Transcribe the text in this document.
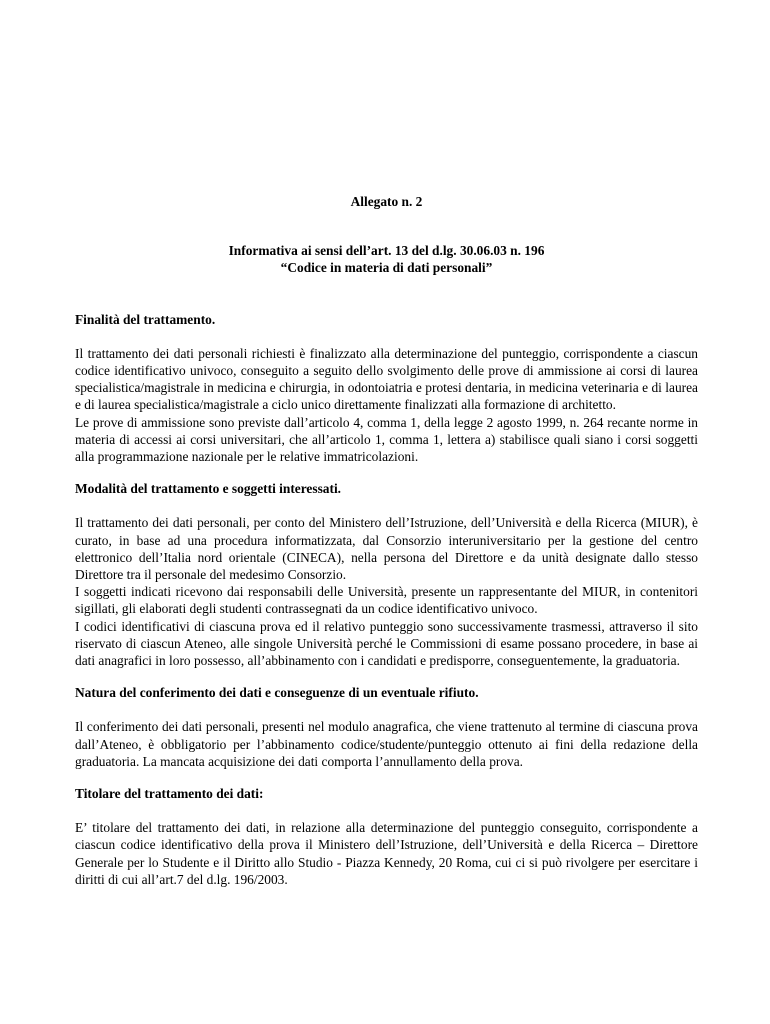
Allegato n. 2

Informativa ai sensi dell’art. 13 del d.lg. 30.06.03 n. 196
“Codice in materia di dati personali”

Finalità del trattamento.

Il trattamento dei dati personali richiesti è finalizzato alla determinazione del punteggio, corrispondente a ciascun codice identificativo univoco, conseguito a seguito dello svolgimento delle prove di ammissione ai corsi di laurea specialistica/magistrale in medicina e chirurgia, in odontoiatria e protesi dentaria, in medicina veterinaria e di laurea e di laurea specialistica/magistrale a ciclo unico direttamente finalizzati alla formazione di architetto.

Le prove di ammissione sono previste dall’articolo 4, comma 1, della legge 2 agosto 1999, n. 264 recante norme in materia di accessi ai corsi universitari, che all’articolo 1, comma 1, lettera a) stabilisce quali siano i corsi soggetti alla programmazione nazionale per le relative immatricolazioni.

Modalità del trattamento e soggetti interessati.

Il trattamento dei dati personali, per conto del Ministero dell’Istruzione, dell’Università e della Ricerca (MIUR), è curato, in base ad una procedura informatizzata, dal Consorzio interuniversitario per la gestione del centro elettronico dell’Italia nord orientale (CINECA), nella persona del Direttore e da unità designate dallo stesso Direttore tra il personale del medesimo Consorzio.

I soggetti indicati ricevono dai responsabili delle Università, presente un rappresentante del MIUR, in contenitori sigillati, gli elaborati degli studenti contrassegnati da un codice identificativo univoco.

I codici identificativi di ciascuna prova ed il relativo punteggio sono successivamente trasmessi, attraverso il sito riservato di ciascun Ateneo, alle singole Università perché le Commissioni di esame possano procedere, in base ai dati anagrafici in loro possesso, all’abbinamento con i candidati e predisporre, conseguentemente, la graduatoria.

Natura del conferimento dei dati e conseguenze di un eventuale rifiuto.

Il conferimento dei dati personali, presenti nel modulo anagrafica, che viene trattenuto al termine di ciascuna prova dall’Ateneo, è obbligatorio per l’abbinamento codice/studente/punteggio ottenuto ai fini della redazione della graduatoria. La mancata acquisizione dei dati comporta l’annullamento della prova.

Titolare del trattamento dei dati:

E’ titolare del trattamento dei dati, in relazione alla determinazione del punteggio conseguito, corrispondente a ciascun codice identificativo della prova il Ministero dell’Istruzione, dell’Università e della Ricerca – Direttore Generale per lo Studente e il Diritto allo Studio - Piazza Kennedy, 20 Roma, cui ci si può rivolgere per esercitare i diritti di cui all’art.7 del d.lg. 196/2003.
